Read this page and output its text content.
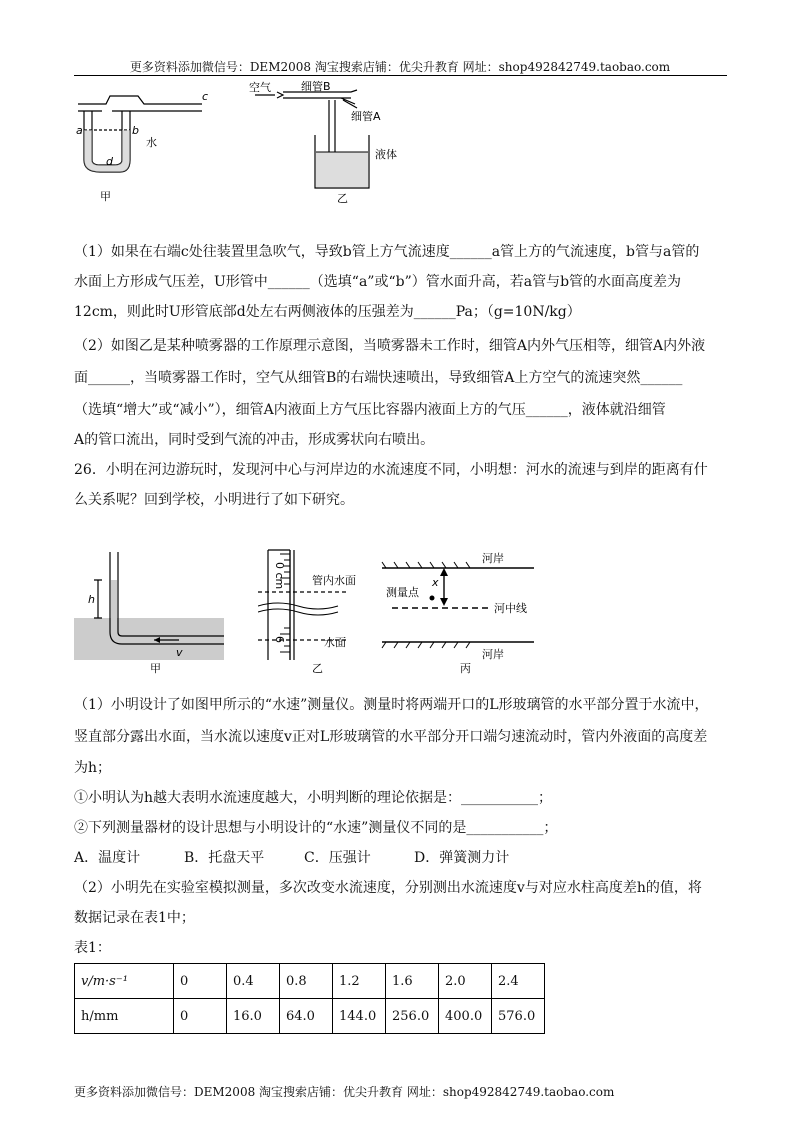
更多资料添加微信号：DEM2008 淘宝搜索店铺：优尖升教育 网址：shop492842749.taobao.com
c
a	b
d
水
甲
空气	细管B
细管A
液体
乙

（1）如果在右端c处往装置里急吹气，导致b管上方气流速度______a管上方的气流速度，b管与a管的

水面上方形成气压差，U形管中______（选填“a”或“b”）管水面升高，若a管与b管的水面高度差为

12cm，则此时U形管底部d处左右两侧液体的压强差为______Pa；（g=10N/kg）

（2）如图乙是某种喷雾器的工作原理示意图，当喷雾器未工作时，细管A内外气压相等，细管A内外液

面______，当喷雾器工作时，空气从细管B的右端快速喷出，导致细管A上方空气的流速突然______

（选填“增大”或“减小”），细管A内液面上方气压比容器内液面上方的气压______，液体就沿细管

A的管口流出，同时受到气流的冲击，形成雾状向右喷出。

26．小明在河边游玩时，发现河中心与河岸边的水流速度不同，小明想：河水的流速与到岸的距离有什

么关系呢？回到学校，小明进行了如下研究。

h
v
甲
0 cm
6
管内水面
水面
乙
河岸
x
测量点
河中线
河岸
丙

（1）小明设计了如图甲所示的“水速”测量仪。测量时将两端开口的L形玻璃管的水平部分置于水流中，

竖直部分露出水面，当水流以速度v正对L形玻璃管的水平部分开口端匀速流动时，管内外液面的高度差

为h；

①小明认为h越大表明水流速度越大，小明判断的理论依据是：___________；

②下列测量器材的设计思想与小明设计的“水速”测量仪不同的是___________；

A．温度计	B．托盘天平	C．压强计	D．弹簧测力计

（2）小明先在实验室模拟测量，多次改变水流速度，分别测出水流速度v与对应水柱高度差h的值，将

数据记录在表1中；

表1：

v/m·s⁻¹	0	0.4	0.8	1.2	1.6	2.0	2.4
h/mm	0	16.0	64.0	144.0	256.0	400.0	576.0
更多资料添加微信号：DEM2008 淘宝搜索店铺：优尖升教育 网址：shop492842749.taobao.com
